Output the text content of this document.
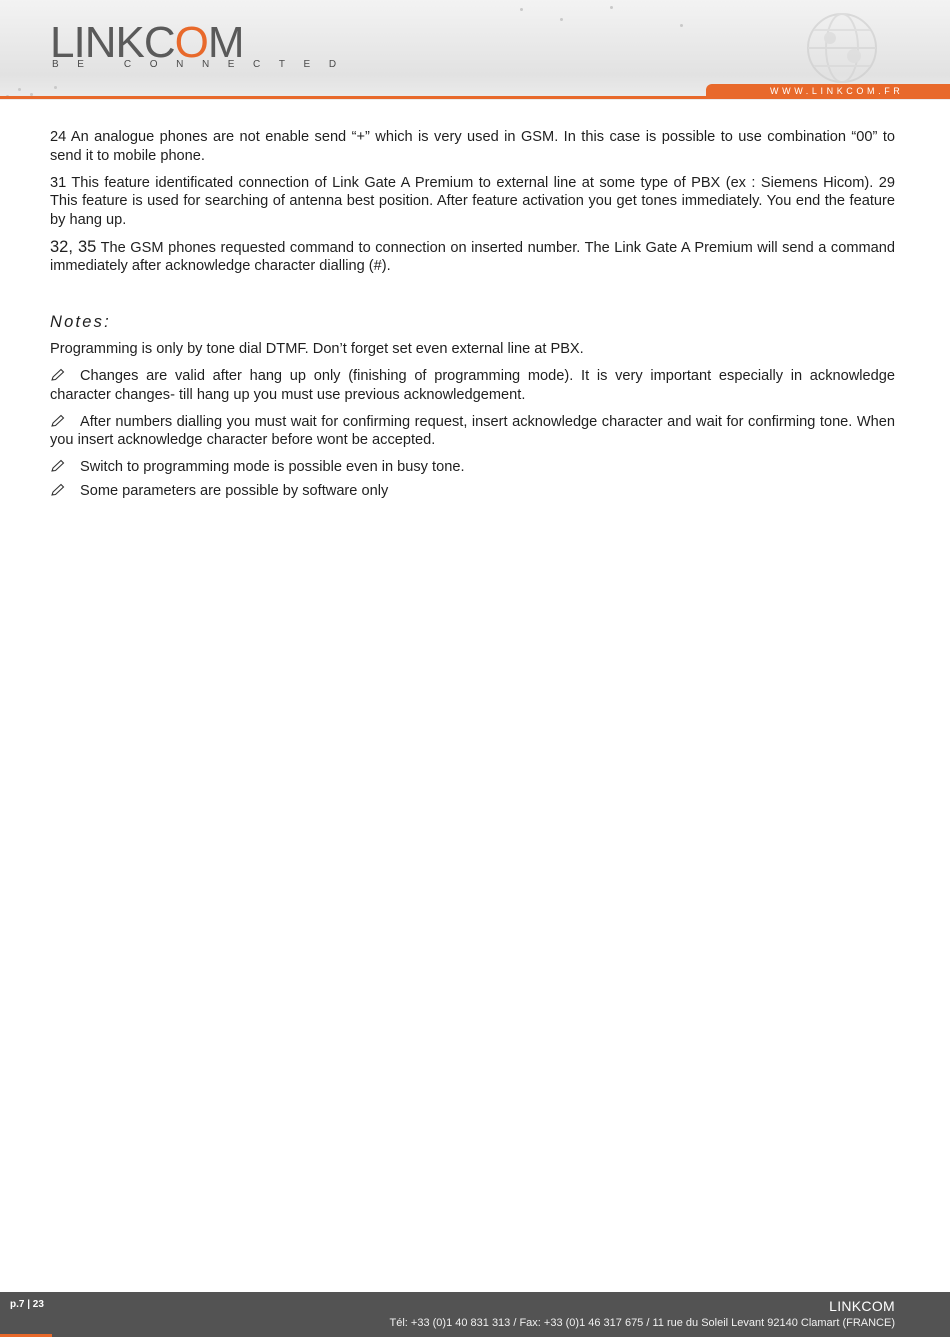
LINKCOM
BE CONNECTED
WWW.LINKCOM.FR

24 An analogue phones are not enable send “+” which is very used in GSM. In this case is possible to use combination “00” to send it to mobile phone.

31 This feature identificated connection of Link Gate A Premium to external line at some type of PBX (ex : Siemens Hicom). 29 This feature is used for searching of antenna best position. After feature activation you get tones immediately. You end the feature by hang up.

32, 35 The GSM phones requested command to connection on inserted number. The Link Gate A Premium will send a command immediately after acknowledge character dialling (#).

Notes:

Programming is only by tone dial DTMF. Don’t forget set even external line at PBX.

Changes are valid after hang up only (finishing of programming mode). It is very important especially in acknowledge character changes- till hang up you must use previous acknowledgement.

After numbers dialling you must wait for confirming request, insert acknowledge character and wait for confirming tone. When you insert acknowledge character before wont be accepted.

Switch to programming mode is possible even in busy tone.

Some parameters are possible by software only

p.7 | 23	LINKCOM
Tél: +33 (0)1 40 831 313 / Fax: +33 (0)1 46 317 675 / 11 rue du Soleil Levant 92140 Clamart (FRANCE)
